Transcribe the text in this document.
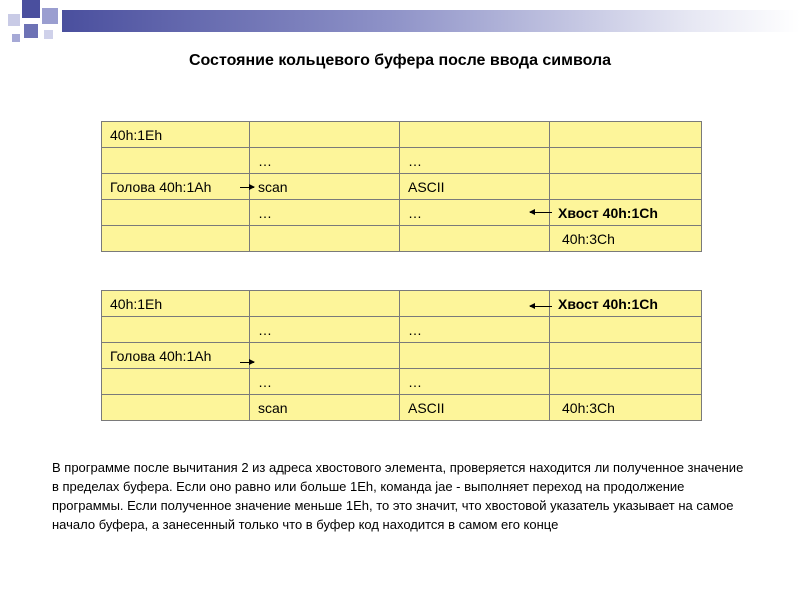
Состояние кольцевого буфера после ввода символа
40h:1Eh			
	…	…	
Голова 40h:1Ah	scan	ASCII	
	…	…	Хвост 40h:1Ch
			40h:3Ch
40h:1Eh			Хвост 40h:1Ch
	…	…	
Голова 40h:1Ah			
	…	…	
	scan	ASCII	40h:3Ch
В программе после вычитания 2 из адреса хвостового элемента, проверяется находится ли полученное значение в пределах буфера. Если оно равно или больше 1Eh, команда jae - выполняет переход на продолжение программы. Если полученное значение меньше 1Eh, то это значит, что хвостовой указатель указывает на самое начало буфера, а занесенный только что в буфер код находится в самом его конце
